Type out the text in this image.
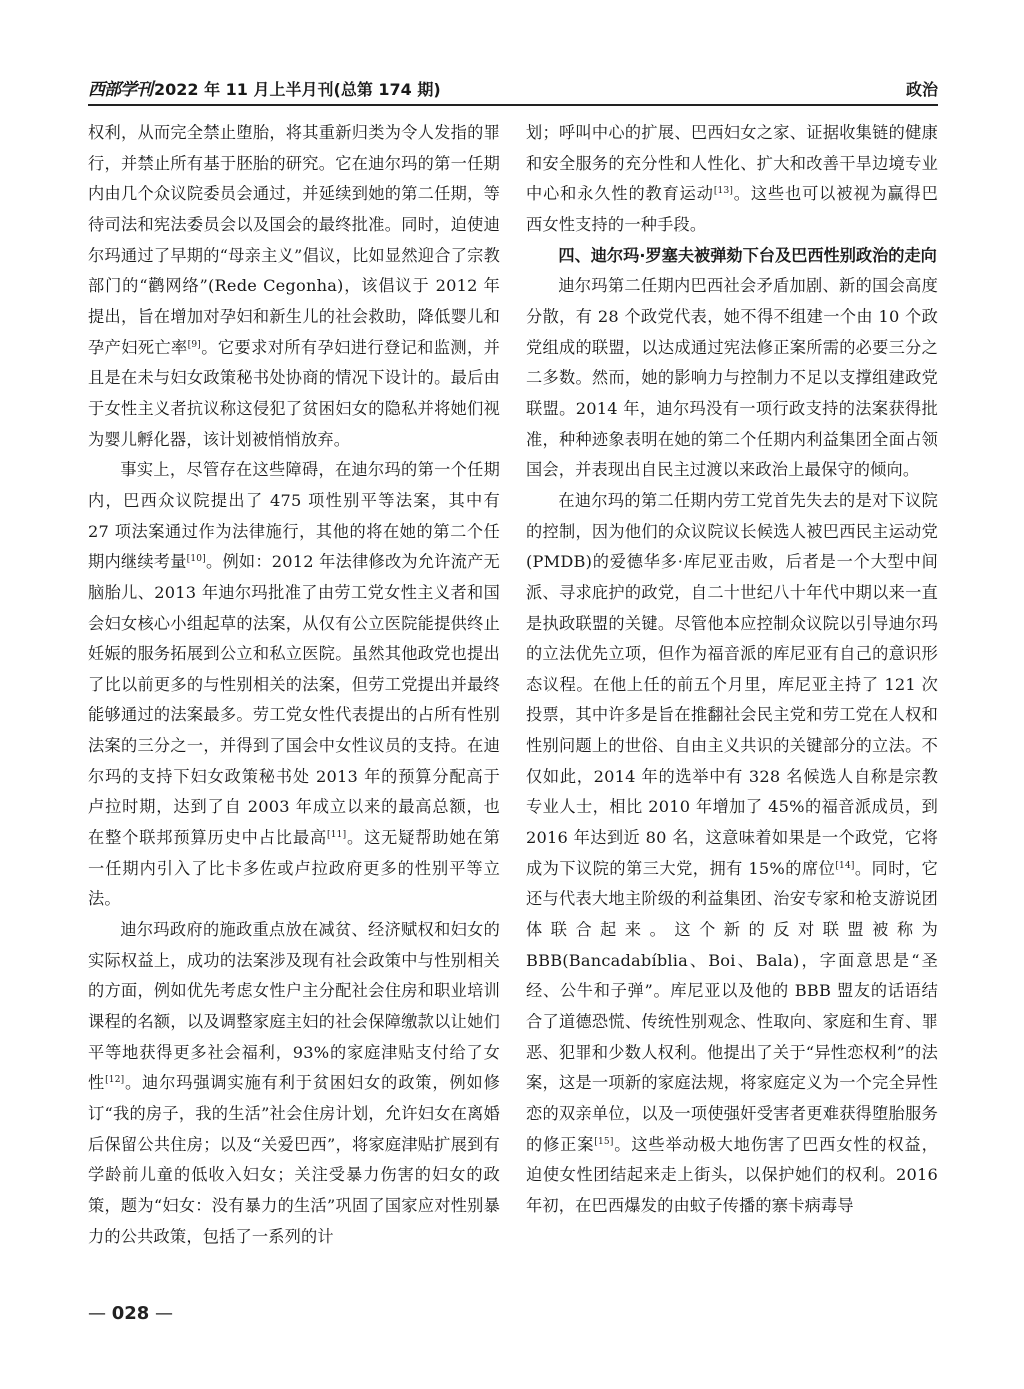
西部学刊 2022 年 11 月上半月刊(总第 174 期)	政治

权利，从而完全禁止堕胎，将其重新归类为令人发指的罪行，并禁止所有基于胚胎的研究。它在迪尔玛的第一任期内由几个众议院委员会通过，并延续到她的第二任期，等待司法和宪法委员会以及国会的最终批准。同时，迫使迪尔玛通过了早期的“母亲主义”倡议，比如显然迎合了宗教部门的“鹳网络”(Rede Cegonha)，该倡议于 2012 年提出，旨在增加对孕妇和新生儿的社会救助，降低婴儿和孕产妇死亡率[9]。它要求对所有孕妇进行登记和监测，并且是在未与妇女政策秘书处协商的情况下设计的。最后由于女性主义者抗议称这侵犯了贫困妇女的隐私并将她们视为婴儿孵化器，该计划被悄悄放弃。

事实上，尽管存在这些障碍，在迪尔玛的第一个任期内，巴西众议院提出了 475 项性别平等法案，其中有 27 项法案通过作为法律施行，其他的将在她的第二个任期内继续考量[10]。例如：2012 年法律修改为允许流产无脑胎儿、2013 年迪尔玛批准了由劳工党女性主义者和国会妇女核心小组起草的法案，从仅有公立医院能提供终止妊娠的服务拓展到公立和私立医院。虽然其他政党也提出了比以前更多的与性别相关的法案，但劳工党提出并最终能够通过的法案最多。劳工党女性代表提出的占所有性别法案的三分之一，并得到了国会中女性议员的支持。在迪尔玛的支持下妇女政策秘书处 2013 年的预算分配高于卢拉时期，达到了自 2003 年成立以来的最高总额，也在整个联邦预算历史中占比最高[11]。这无疑帮助她在第一任期内引入了比卡多佐或卢拉政府更多的性别平等立法。

迪尔玛政府的施政重点放在减贫、经济赋权和妇女的实际权益上，成功的法案涉及现有社会政策中与性别相关的方面，例如优先考虑女性户主分配社会住房和职业培训课程的名额，以及调整家庭主妇的社会保障缴款以让她们平等地获得更多社会福利，93%的家庭津贴支付给了女性[12]。迪尔玛强调实施有利于贫困妇女的政策，例如修订“我的房子，我的生活”社会住房计划，允许妇女在离婚后保留公共住房；以及“关爱巴西”，将家庭津贴扩展到有学龄前儿童的低收入妇女；关注受暴力伤害的妇女的政策，题为“妇女：没有暴力的生活”巩固了国家应对性别暴力的公共政策，包括了一系列的计

划；呼叫中心的扩展、巴西妇女之家、证据收集链的健康和安全服务的充分性和人性化、扩大和改善干旱边境专业中心和永久性的教育运动[13]。这些也可以被视为赢得巴西女性支持的一种手段。

四、迪尔玛·罗塞夫被弹劾下台及巴西性别政治的走向

迪尔玛第二任期内巴西社会矛盾加剧、新的国会高度分散，有 28 个政党代表，她不得不组建一个由 10 个政党组成的联盟，以达成通过宪法修正案所需的必要三分之二多数。然而，她的影响力与控制力不足以支撑组建政党联盟。2014 年，迪尔玛没有一项行政支持的法案获得批准，种种迹象表明在她的第二个任期内利益集团全面占领国会，并表现出自民主过渡以来政治上最保守的倾向。

在迪尔玛的第二任期内劳工党首先失去的是对下议院的控制，因为他们的众议院议长候选人被巴西民主运动党(PMDB)的爱德华多·库尼亚击败，后者是一个大型中间派、寻求庇护的政党，自二十世纪八十年代中期以来一直是执政联盟的关键。尽管他本应控制众议院以引导迪尔玛的立法优先立项，但作为福音派的库尼亚有自己的意识形态议程。在他上任的前五个月里，库尼亚主持了 121 次投票，其中许多是旨在推翻社会民主党和劳工党在人权和性别问题上的世俗、自由主义共识的关键部分的立法。不仅如此，2014 年的选举中有 328 名候选人自称是宗教专业人士，相比 2010 年增加了 45%的福音派成员，到 2016 年达到近 80 名，这意味着如果是一个政党，它将成为下议院的第三大党，拥有 15%的席位[14]。同时，它还与代表大地主阶级的利益集团、治安专家和枪支游说团体联合起来。这个新的反对联盟被称为 BBB(Bancadabíblia、Boi、Bala)，字面意思是“圣经、公牛和子弹”。库尼亚以及他的 BBB 盟友的话语结合了道德恐慌、传统性别观念、性取向、家庭和生育、罪恶、犯罪和少数人权利。他提出了关于“异性恋权利”的法案，这是一项新的家庭法规，将家庭定义为一个完全异性恋的双亲单位，以及一项使强奸受害者更难获得堕胎服务的修正案[15]。这些举动极大地伤害了巴西女性的权益，迫使女性团结起来走上街头，以保护她们的权利。2016 年初，在巴西爆发的由蚊子传播的寨卡病毒导

— 028 —
